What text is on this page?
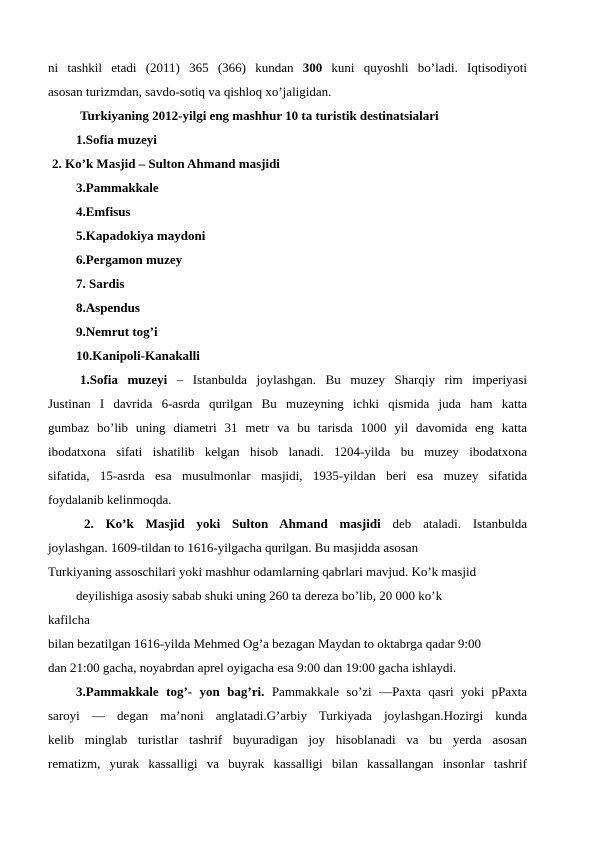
ni tashkil etadi (2011) 365 (366) kundan 300 kuni quyoshli bo’ladi. Iqtisodiyoti
asosan turizmdan, savdo-sotiq va qishloq xo’jaligidan.
Turkiyaning 2012-yilgi eng mashhur 10 ta turistik destinatsialari
1.Sofia muzeyi
2. Ko’k Masjid – Sulton Ahmand masjidi
3.Pammakkale
4.Emfisus
5.Kapadokiya maydoni
6.Pergamon muzey
7. Sardis
8.Aspendus
9.Nemrut tog’i
10.Kanipoli-Kanakalli
1.Sofia muzeyi – Istanbulda joylashgan. Bu muzey Sharqiy rim imperiyasi
Justinan I davrida 6-asrda qurilgan Bu muzeyning ichki qismida juda ham katta
gumbaz bo’lib uning diametri 31 metr va bu tarisda 1000 yil davomida eng katta
ibodatxona sifati ishatilib kelgan hisob lanadi. 1204-yilda bu muzey ibodatxona
sifatida, 15-asrda esa musulmonlar masjidi, 1935-yildan beri esa muzey sifatida
foydalanib kelinmoqda.
2. Ko’k Masjid yoki Sulton Ahmand masjidi deb ataladi. Istanbulda
joylashgan. 1609-tildan to 1616-yilgacha qurilgan. Bu masjidda asosan
Turkiyaning assoschilari yoki mashhur odamlarning qabrlari mavjud. Ko’k masjid
deyilishiga asosiy sabab shuki uning 260 ta dereza bo’lib, 20 000 ko’k
kafilcha
bilan bezatilgan 1616-yilda Mehmed Og’a bezagan Maydan to oktabrga qadar 9:00
dan 21:00 gacha, noyabrdan aprel oyigacha esa 9:00 dan 19:00 gacha ishlaydi.
3.Pammakkale tog’- yon bag’ri. Pammakkale so’zi —Paxta qasri yoki pPaxta
saroyi — degan ma’noni anglatadi.G’arbiy Turkiyada joylashgan.Hozirgi kunda
kelib minglab turistlar tashrif buyuradigan joy hisoblanadi va bu yerda asosan
rematizm, yurak kassalligi va buyrak kassalligi bilan kassallangan insonlar tashrif
